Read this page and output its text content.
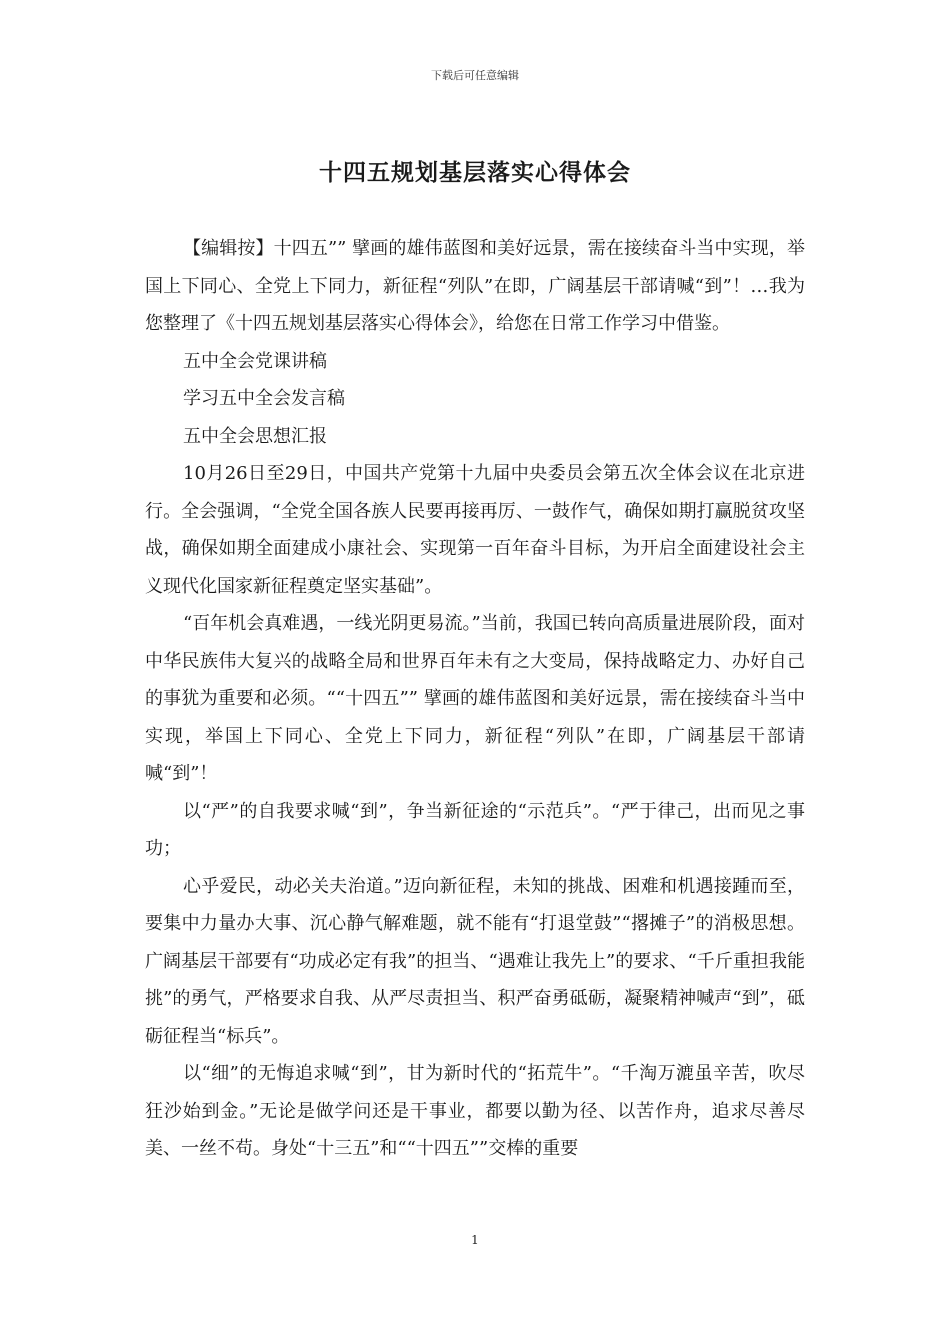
下载后可任意编辑
十四五规划基层落实心得体会

【编辑按】十四五”” 擘画的雄伟蓝图和美好远景，需在接续奋斗当中实现，举国上下同心、全党上下同力，新征程“列队”在即，广阔基层干部请喊“到”！…我为您整理了《十四五规划基层落实心得体会》，给您在日常工作学习中借鉴。

五中全会党课讲稿

学习五中全会发言稿

五中全会思想汇报

10月26日至29日，中国共产党第十九届中央委员会第五次全体会议在北京进行。全会强调，“全党全国各族人民要再接再厉、一鼓作气，确保如期打赢脱贫攻坚战，确保如期全面建成小康社会、实现第一百年奋斗目标，为开启全面建设社会主义现代化国家新征程奠定坚实基础”。

“百年机会真难遇，一线光阴更易流。”当前，我国已转向高质量进展阶段，面对中华民族伟大复兴的战略全局和世界百年未有之大变局，保持战略定力、办好自己的事犹为重要和必须。““十四五”” 擘画的雄伟蓝图和美好远景，需在接续奋斗当中实现，举国上下同心、全党上下同力，新征程“列队”在即，广阔基层干部请喊“到”！

以“严”的自我要求喊“到”，争当新征途的“示范兵”。“严于律己，出而见之事功；

心乎爱民，动必关夫治道。”迈向新征程，未知的挑战、困难和机遇接踵而至，要集中力量办大事、沉心静气解难题，就不能有“打退堂鼓”“撂摊子”的消极思想。广阔基层干部要有“功成必定有我”的担当、“遇难让我先上”的要求、“千斤重担我能挑”的勇气，严格要求自我、从严尽责担当、积严奋勇砥砺，凝聚精神喊声“到”，砥砺征程当“标兵”。

以“细”的无悔追求喊“到”，甘为新时代的“拓荒牛”。“千淘万漉虽辛苦，吹尽狂沙始到金。”无论是做学问还是干事业，都要以勤为径、以苦作舟，追求尽善尽美、一丝不苟。身处“十三五”和““十四五””交棒的重要

1
